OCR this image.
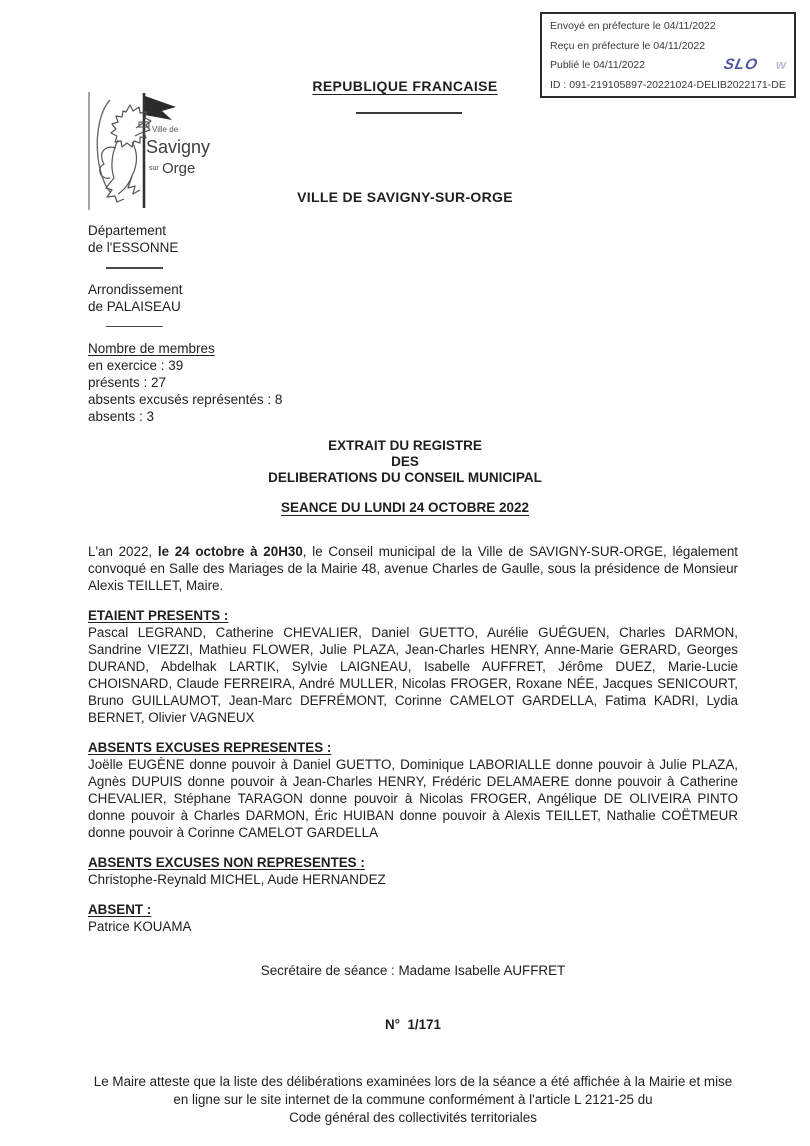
Envoyé en préfecture le 04/11/2022
Reçu en préfecture le 04/11/2022
Publié le 04/11/2022	SLO w
ID : 091-219105897-20221024-DELIB2022171-DE
REPUBLIQUE FRANCAISE
Ville de
Savigny
sur Orge
VILLE DE SAVIGNY-SUR-ORGE
Département
de l'ESSONNE
Arrondissement
de PALAISEAU
Nombre de membres
en exercice : 39
présents : 27
absents excusés représentés : 8
absents : 3
EXTRAIT DU REGISTRE
DES
DELIBERATIONS DU CONSEIL MUNICIPAL
SEANCE DU LUNDI 24 OCTOBRE 2022

L'an 2022, le 24 octobre à 20H30, le Conseil municipal de la Ville de SAVIGNY-SUR-ORGE, légalement convoqué en Salle des Mariages de la Mairie 48, avenue Charles de Gaulle, sous la présidence de Monsieur Alexis TEILLET, Maire.

ETAIENT PRESENTS :

Pascal LEGRAND, Catherine CHEVALIER, Daniel GUETTO, Aurélie GUÉGUEN, Charles DARMON, Sandrine VIEZZI, Mathieu FLOWER, Julie PLAZA, Jean-Charles HENRY, Anne-Marie GERARD, Georges DURAND, Abdelhak LARTIK, Sylvie LAIGNEAU, Isabelle AUFFRET, Jérôme DUEZ, Marie-Lucie CHOISNARD, Claude FERREIRA, André MULLER, Nicolas FROGER, Roxane NÉE, Jacques SENICOURT, Bruno GUILLAUMOT, Jean-Marc DEFRÉMONT, Corinne CAMELOT GARDELLA, Fatima KADRI, Lydia BERNET, Olivier VAGNEUX

ABSENTS EXCUSES REPRESENTES :

Joëlle EUGÈNE donne pouvoir à Daniel GUETTO, Dominique LABORIALLE donne pouvoir à Julie PLAZA, Agnès DUPUIS donne pouvoir à Jean-Charles HENRY, Frédéric DELAMAERE donne pouvoir à Catherine CHEVALIER, Stéphane TARAGON donne pouvoir à Nicolas FROGER, Angélique DE OLIVEIRA PINTO donne pouvoir à Charles DARMON, Éric HUIBAN donne pouvoir à Alexis TEILLET, Nathalie COËTMEUR donne pouvoir à Corinne CAMELOT GARDELLA

ABSENTS EXCUSES NON REPRESENTES :

Christophe-Reynald MICHEL, Aude HERNANDEZ

ABSENT :

Patrice KOUAMA

Secrétaire de séance : Madame Isabelle AUFFRET
N°  1/171
Le Maire atteste que la liste des délibérations examinées lors de la séance a été affichée à la Mairie et mise
en ligne sur le site internet de la commune conformément à l'article L 2121-25 du
Code général des collectivités territoriales
